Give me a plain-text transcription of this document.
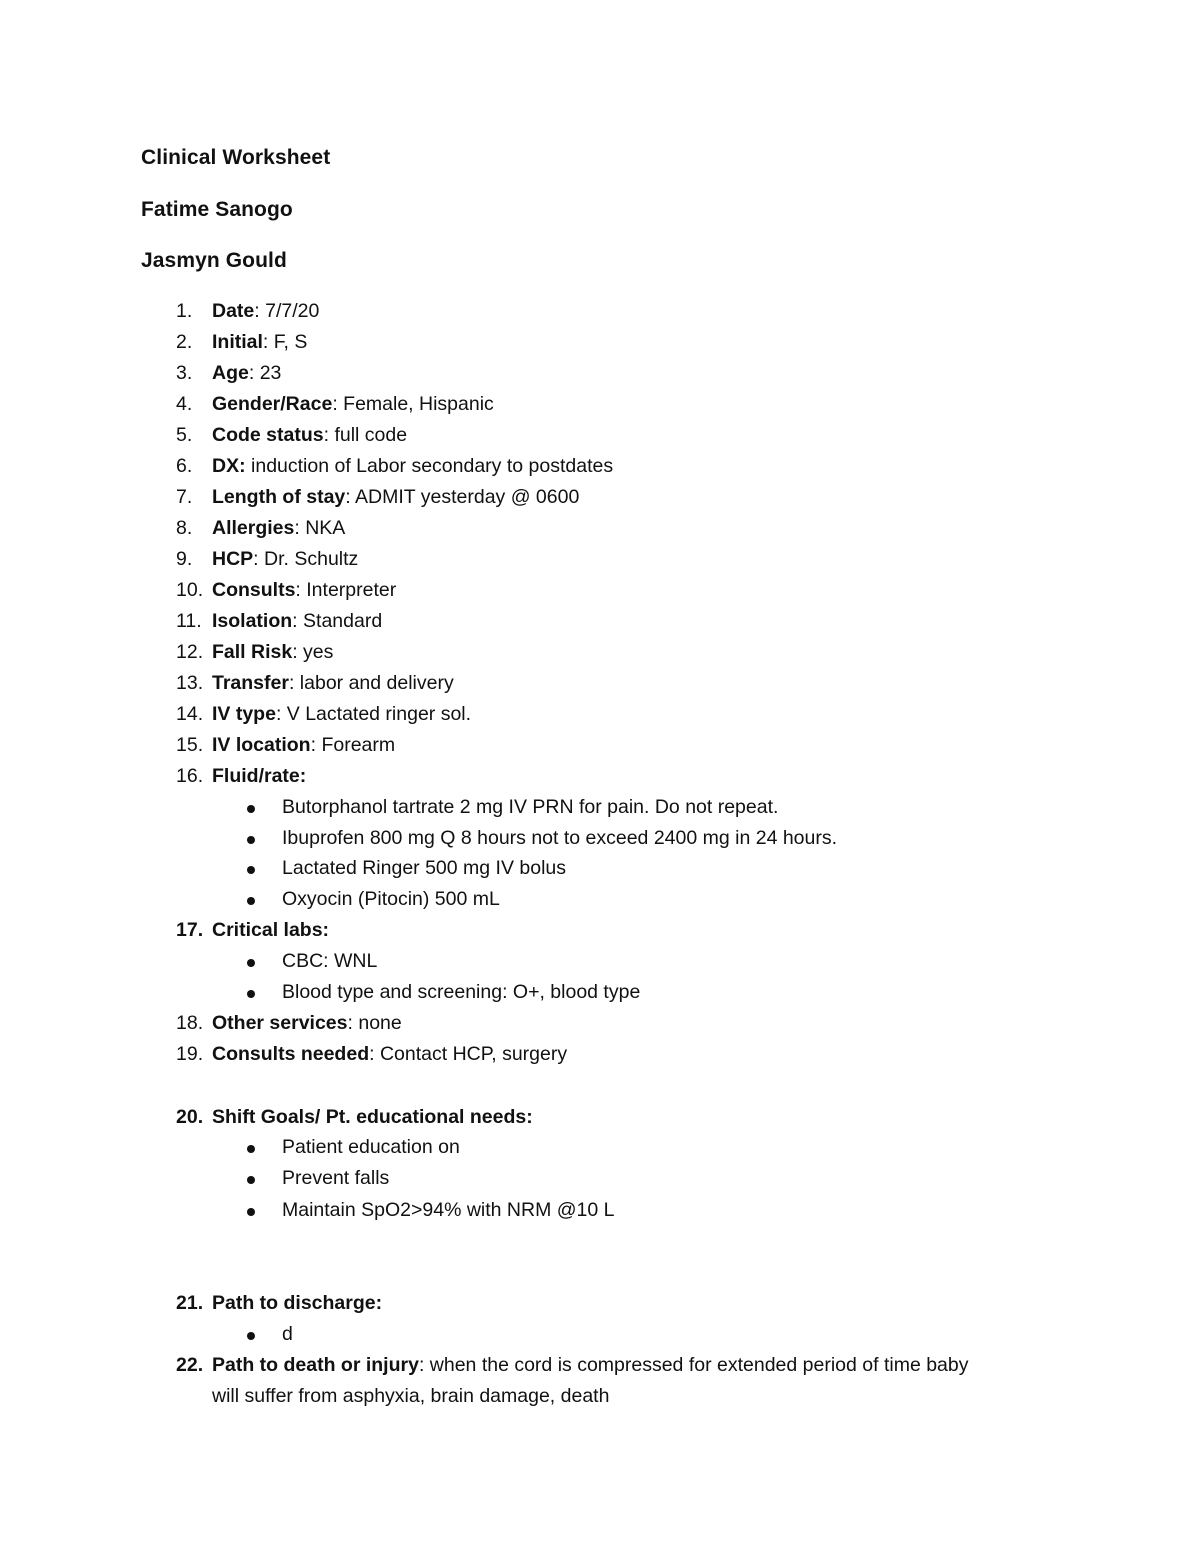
Clinical Worksheet
Fatime Sanogo
Jasmyn Gould
1. Date: 7/7/20
2. Initial: F, S
3. Age: 23
4. Gender/Race: Female, Hispanic
5. Code status: full code
6. DX: induction of Labor secondary to postdates
7. Length of stay: ADMIT yesterday @ 0600
8. Allergies: NKA
9. HCP: Dr. Schultz
10. Consults: Interpreter
11. Isolation: Standard
12. Fall Risk: yes
13. Transfer: labor and delivery
14. IV type: V Lactated ringer sol.
15. IV location: Forearm
16. Fluid/rate:
Butorphanol tartrate 2 mg IV PRN for pain. Do not repeat.
Ibuprofen 800 mg Q 8 hours not to exceed 2400 mg in 24 hours.
Lactated Ringer 500 mg IV bolus
Oxyocin (Pitocin) 500 mL
17. Critical labs:
CBC: WNL
Blood type and screening: O+, blood type
18. Other services: none
19. Consults needed: Contact HCP, surgery
20. Shift Goals/ Pt. educational needs:
Patient education on
Prevent falls
Maintain SpO2>94% with NRM @10 L
21. Path to discharge:
d
22. Path to death or injury: when the cord is compressed for extended period of time baby
will suffer from asphyxia, brain damage, death
